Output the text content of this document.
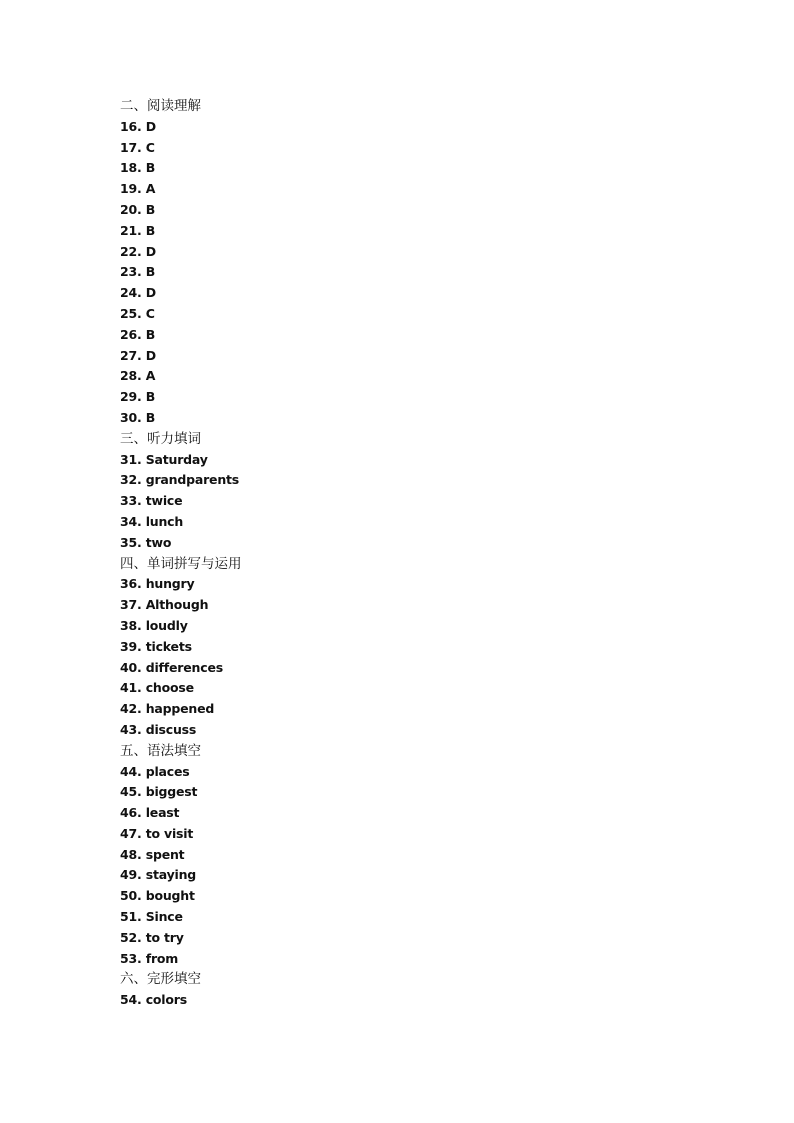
二、阅读理解
16. D
17. C
18. B
19. A
20. B
21. B
22. D
23. B
24. D
25. C
26. B
27. D
28. A
29. B
30. B
三、听力填词
31. Saturday
32. grandparents
33. twice
34. lunch
35. two
四、单词拼写与运用
36. hungry
37. Although
38. loudly
39. tickets
40. differences
41. choose
42. happened
43. discuss
五、语法填空
44. places
45. biggest
46. least
47. to visit
48. spent
49. staying
50. bought
51. Since
52. to try
53. from
六、完形填空
54. colors
